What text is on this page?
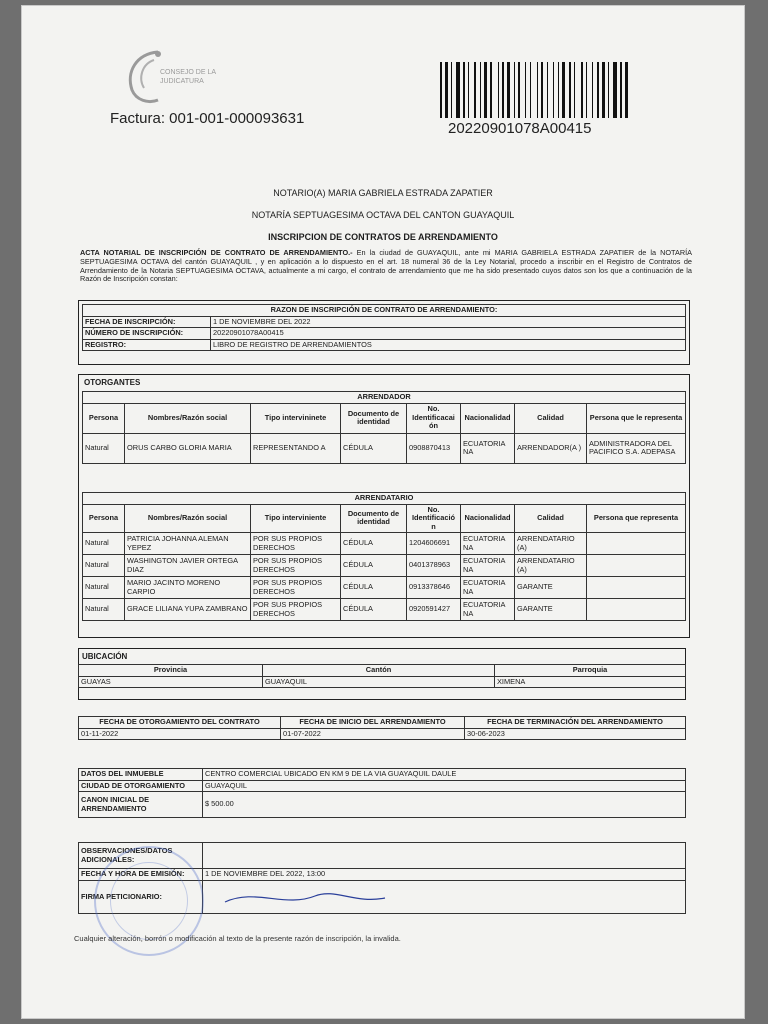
CONSEJO DE LA JUDICATURA
Factura: 001-001-000093631
20220901078A00415
NOTARIO(A) MARIA GABRIELA ESTRADA ZAPATIER
NOTARÍA SEPTUAGESIMA OCTAVA DEL CANTON GUAYAQUIL
INSCRIPCION DE CONTRATOS DE ARRENDAMIENTO
ACTA NOTARIAL DE INSCRIPCIÓN DE CONTRATO DE ARRENDAMIENTO.- En la ciudad de GUAYAQUIL, ante mi MARIA GABRIELA ESTRADA ZAPATIER de la NOTARÍA SEPTUAGESIMA OCTAVA del cantón GUAYAQUIL , y en aplicación a lo dispuesto en el art. 18 numeral 36 de la Ley Notarial, procedo a inscribir en el Registro de Contratos de Arrendamiento de la Notaria SEPTUAGESIMA OCTAVA, actualmente a mi cargo, el contrato de arrendamiento que me ha sido presentado cuyos datos son los que a continuación de la Razón de Inscripción constan:
RAZON DE INSCRIPCIÓN DE CONTRATO DE ARRENDAMIENTO:	
FECHA DE INSCRIPCIÓN:	1 DE NOVIEMBRE DEL 2022
NÚMERO DE INSCRIPCIÓN:	20220901078A00415
REGISTRO:	LIBRO DE REGISTRO DE ARRENDAMIENTOS
OTORGANTES
ARRENDADOR							
Persona	Nombres/Razón social	Tipo intervininete	Documento de identidad	No. Identificacai ón	Nacionalidad	Calidad	Persona que le representa
Natural	ORUS CARBO GLORIA MARIA	REPRESENTANDO A	CÉDULA	0908870413	ECUATORIA NA	ARRENDADOR(A )	ADMINISTRADORA DEL PACIFICO S.A. ADEPASA
ARRENDATARIO							
Persona	Nombres/Razón social	Tipo interviniente	Documento de identidad	No. Identificació n	Nacionalidad	Calidad	Persona que representa
Natural	PATRICIA JOHANNA ALEMAN YEPEZ	POR SUS PROPIOS DERECHOS	CÉDULA	1204606691	ECUATORIA NA	ARRENDATARIO (A)	
Natural	WASHINGTON JAVIER ORTEGA DIAZ	POR SUS PROPIOS DERECHOS	CÉDULA	0401378963	ECUATORIA NA	ARRENDATARIO (A)	
Natural	MARIO JACINTO MORENO CARPIO	POR SUS PROPIOS DERECHOS	CÉDULA	0913378646	ECUATORIA NA	GARANTE	
Natural	GRACE LILIANA YUPA ZAMBRANO	POR SUS PROPIOS DERECHOS	CÉDULA	0920591427	ECUATORIA NA	GARANTE	
UBICACIÓN
Provincia	Cantón	Parroquia
GUAYAS	GUAYAQUIL	XIMENA
FECHA DE OTORGAMIENTO DEL CONTRATO	FECHA DE INICIO DEL ARRENDAMIENTO	FECHA DE TERMINACIÓN DEL ARRENDAMIENTO
01-11-2022	01-07-2022	30-06-2023
DATOS DEL INMUEBLE	CENTRO COMERCIAL UBICADO EN KM 9 DE LA VIA GUAYAQUIL DAULE
CIUDAD DE OTORGAMIENTO	GUAYAQUIL
CANON INICIAL DE ARRENDAMIENTO	$ 500.00
OBSERVACIONES/DATOS ADICIONALES:	
FECHA Y HORA DE EMISIÓN:	1 DE NOVIEMBRE DEL 2022, 13:00
FIRMA PETICIONARIO:	
Cualquier alteración, borrón o modificación al texto de la presente razón de inscripción, la invalida.
